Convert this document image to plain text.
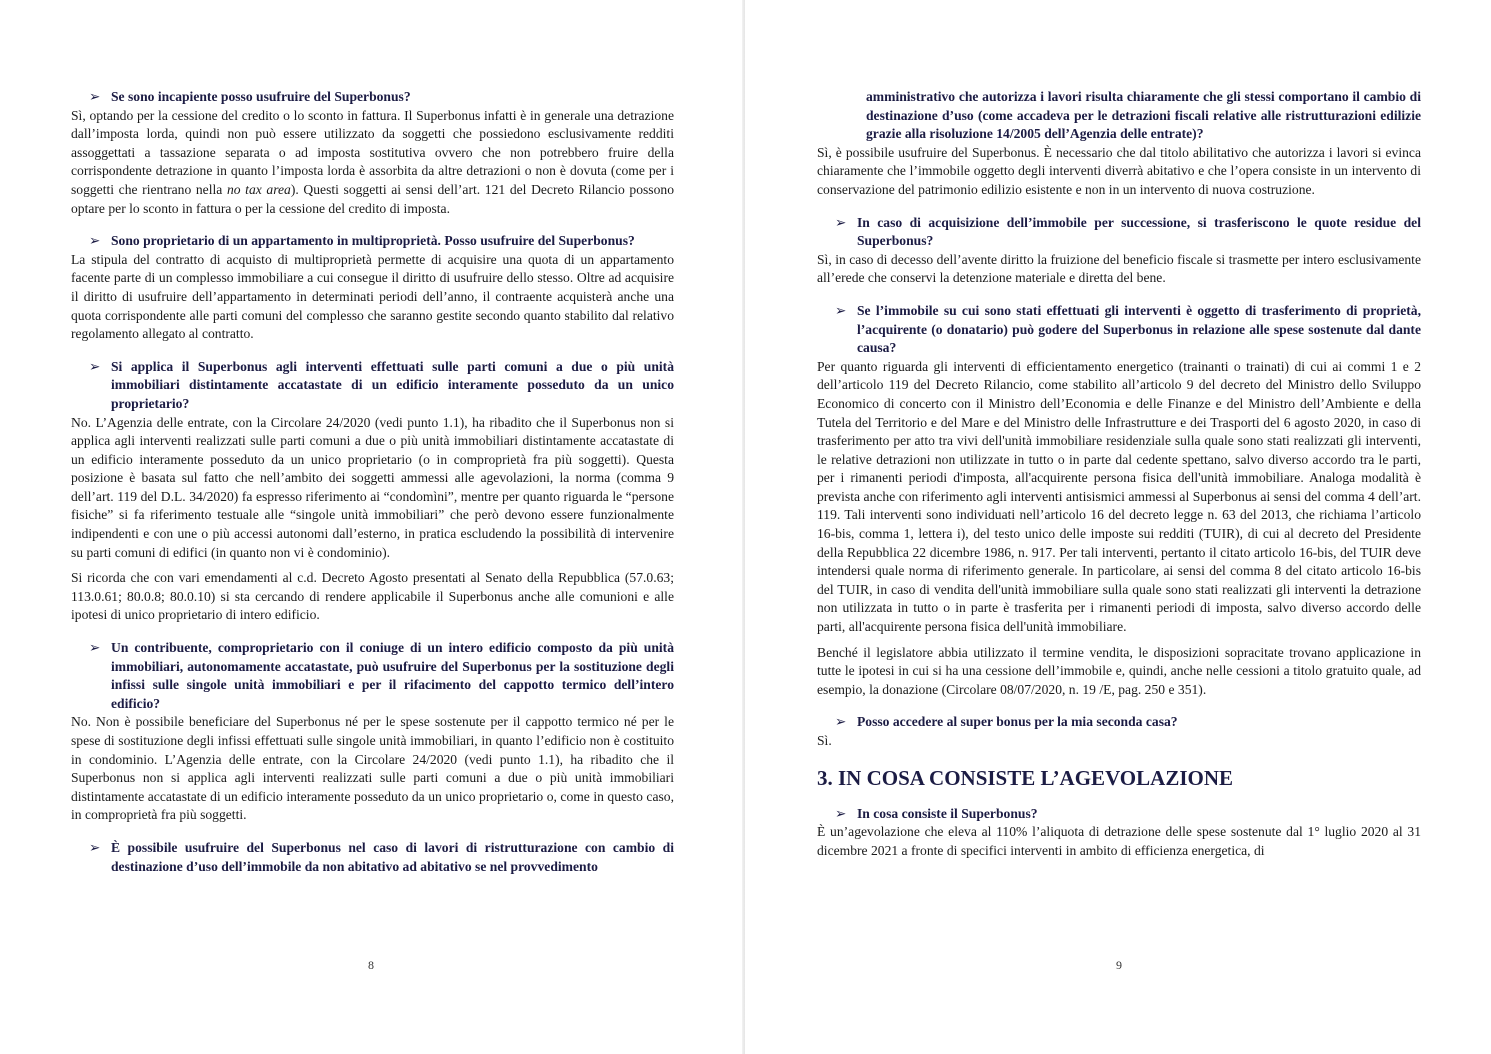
➢ Se sono incapiente posso usufruire del Superbonus?

Sì, optando per la cessione del credito o lo sconto in fattura. Il Superbonus infatti è in generale una detrazione dall’imposta lorda, quindi non può essere utilizzato da soggetti che possiedono esclusivamente redditi assoggettati a tassazione separata o ad imposta sostitutiva ovvero che non potrebbero fruire della corrispondente detrazione in quanto l’imposta lorda è assorbita da altre detrazioni o non è dovuta (come per i soggetti che rientrano nella no tax area). Questi soggetti ai sensi dell’art. 121 del Decreto Rilancio possono optare per lo sconto in fattura o per la cessione del credito di imposta.

➢ Sono proprietario di un appartamento in multiproprietà. Posso usufruire del Superbonus?

La stipula del contratto di acquisto di multiproprietà permette di acquisire una quota di un appartamento facente parte di un complesso immobiliare a cui consegue il diritto di usufruire dello stesso. Oltre ad acquisire il diritto di usufruire dell’appartamento in determinati periodi dell’anno, il contraente acquisterà anche una quota corrispondente alle parti comuni del complesso che saranno gestite secondo quanto stabilito dal relativo regolamento allegato al contratto.

➢ Si applica il Superbonus agli interventi effettuati sulle parti comuni a due o più unità immobiliari distintamente accatastate di un edificio interamente posseduto da un unico proprietario?

No. L’Agenzia delle entrate, con la Circolare 24/2020 (vedi punto 1.1), ha ribadito che il Superbonus non si applica agli interventi realizzati sulle parti comuni a due o più unità immobiliari distintamente accatastate di un edificio interamente posseduto da un unico proprietario (o in comproprietà fra più soggetti). Questa posizione è basata sul fatto che nell’ambito dei soggetti ammessi alle agevolazioni, la norma (comma 9 dell’art. 119 del D.L. 34/2020) fa espresso riferimento ai “condomìni”, mentre per quanto riguarda le “persone fisiche” si fa riferimento testuale alle “singole unità immobiliari” che però devono essere funzionalmente indipendenti e con une o più accessi autonomi dall’esterno, in pratica escludendo la possibilità di intervenire su parti comuni di edifici (in quanto non vi è condominio).

Si ricorda che con vari emendamenti al c.d. Decreto Agosto presentati al Senato della Repubblica (57.0.63; 113.0.61; 80.0.8; 80.0.10) si sta cercando di rendere applicabile il Superbonus anche alle comunioni e alle ipotesi di unico proprietario di intero edificio.

➢ Un contribuente, comproprietario con il coniuge di un intero edificio composto da più unità immobiliari, autonomamente accatastate, può usufruire del Superbonus per la sostituzione degli infissi sulle singole unità immobiliari e per il rifacimento del cappotto termico dell’intero edificio?

No. Non è possibile beneficiare del Superbonus né per le spese sostenute per il cappotto termico né per le spese di sostituzione degli infissi effettuati sulle singole unità immobiliari, in quanto l’edificio non è costituito in condominio. L’Agenzia delle entrate, con la Circolare 24/2020 (vedi punto 1.1), ha ribadito che il Superbonus non si applica agli interventi realizzati sulle parti comuni a due o più unità immobiliari distintamente accatastate di un edificio interamente posseduto da un unico proprietario o, come in questo caso, in comproprietà fra più soggetti.

➢ È possibile usufruire del Superbonus nel caso di lavori di ristrutturazione con cambio di destinazione d’uso dell’immobile da non abitativo ad abitativo se nel provvedimento

8

amministrativo che autorizza i lavori risulta chiaramente che gli stessi comportano il cambio di destinazione d’uso (come accadeva per le detrazioni fiscali relative alle ristrutturazioni edilizie grazie alla risoluzione 14/2005 dell’Agenzia delle entrate)?

Sì, è possibile usufruire del Superbonus. È necessario che dal titolo abilitativo che autorizza i lavori si evinca chiaramente che l’immobile oggetto degli interventi diverrà abitativo e che l’opera consiste in un intervento di conservazione del patrimonio edilizio esistente e non in un intervento di nuova costruzione.

➢ In caso di acquisizione dell’immobile per successione, si trasferiscono le quote residue del Superbonus?

Sì, in caso di decesso dell’avente diritto la fruizione del beneficio fiscale si trasmette per intero esclusivamente all’erede che conservi la detenzione materiale e diretta del bene.

➢ Se l’immobile su cui sono stati effettuati gli interventi è oggetto di trasferimento di proprietà, l’acquirente (o donatario) può godere del Superbonus in relazione alle spese sostenute dal dante causa?

Per quanto riguarda gli interventi di efficientamento energetico (trainanti o trainati) di cui ai commi 1 e 2 dell’articolo 119 del Decreto Rilancio, come stabilito all’articolo 9 del decreto del Ministro dello Sviluppo Economico di concerto con il Ministro dell’Economia e delle Finanze e del Ministro dell’Ambiente e della Tutela del Territorio e del Mare e del Ministro delle Infrastrutture e dei Trasporti del 6 agosto 2020, in caso di trasferimento per atto tra vivi dell'unità immobiliare residenziale sulla quale sono stati realizzati gli interventi, le relative detrazioni non utilizzate in tutto o in parte dal cedente spettano, salvo diverso accordo tra le parti, per i rimanenti periodi d'imposta, all'acquirente persona fisica dell'unità immobiliare. Analoga modalità è prevista anche con riferimento agli interventi antisismici ammessi al Superbonus ai sensi del comma 4 dell’art. 119. Tali interventi sono individuati nell’articolo 16 del decreto legge n. 63 del 2013, che richiama l’articolo 16-bis, comma 1, lettera i), del testo unico delle imposte sui redditi (TUIR), di cui al decreto del Presidente della Repubblica 22 dicembre 1986, n. 917. Per tali interventi, pertanto il citato articolo 16-bis, del TUIR deve intendersi quale norma di riferimento generale. In particolare, ai sensi del comma 8 del citato articolo 16-bis del TUIR, in caso di vendita dell'unità immobiliare sulla quale sono stati realizzati gli interventi la detrazione non utilizzata in tutto o in parte è trasferita per i rimanenti periodi di imposta, salvo diverso accordo delle parti, all'acquirente persona fisica dell'unità immobiliare.

Benché il legislatore abbia utilizzato il termine vendita, le disposizioni sopracitate trovano applicazione in tutte le ipotesi in cui si ha una cessione dell’immobile e, quindi, anche nelle cessioni a titolo gratuito quale, ad esempio, la donazione (Circolare 08/07/2020, n. 19 /E, pag. 250 e 351).

➢ Posso accedere al super bonus per la mia seconda casa?

Sì.

3. IN COSA CONSISTE L’AGEVOLAZIONE

➢ In cosa consiste il Superbonus?

È un’agevolazione che eleva al 110% l’aliquota di detrazione delle spese sostenute dal 1° luglio 2020 al 31 dicembre 2021 a fronte di specifici interventi in ambito di efficienza energetica, di

9
